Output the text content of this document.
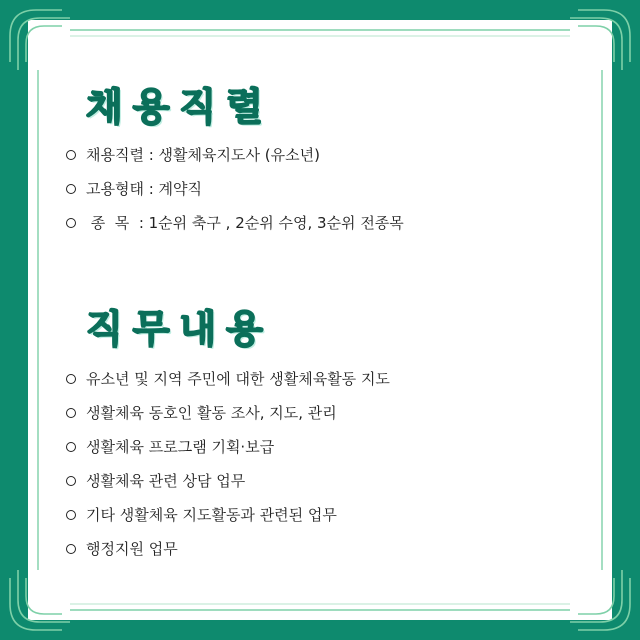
채용직렬
채용직렬 : 생활체육지도사 (유소년)
고용형태 : 계약직
종  목  : 1순위 축구 , 2순위 수영, 3순위 전종목
직무내용
유소년 및 지역 주민에 대한 생활체육활동 지도
생활체육 동호인 활동 조사, 지도, 관리
생활체육 프로그램 기획·보급
생활체육 관련 상담 업무
기타 생활체육 지도활동과 관련된 업무
행정지원 업무
